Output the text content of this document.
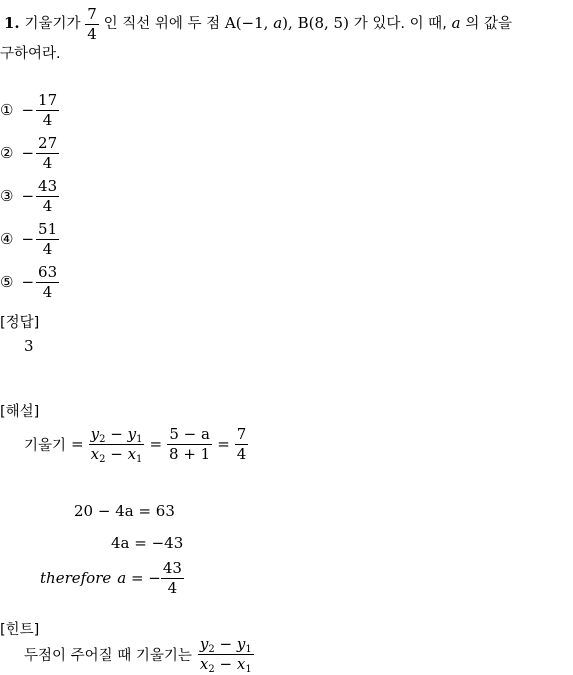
1. 기울기가 $\frac{7}{4}$ 인 직선 위에 두 점 A(−1, a), B(8, 5) 가 있다. 이 때, a 의 값을
구하여라.
① − $\frac{17}{4}$
② − $\frac{27}{4}$
③ − $\frac{43}{4}$
④ − $\frac{51}{4}$
⑤ − $\frac{63}{4}$
[정답]
3
[해설]
기울기 = $\frac{y_2 - y_1}{x_2 - x_1} = \frac{5 - a}{8 + 1} = \frac{7}{4}$
20 − 4a = 63
4a = −43
therefore a = − $\frac{43}{4}$
[힌트]
두점이 주어질 때 기울기는 $\frac{y_2 - y_1}{x_2 - x_1}$
